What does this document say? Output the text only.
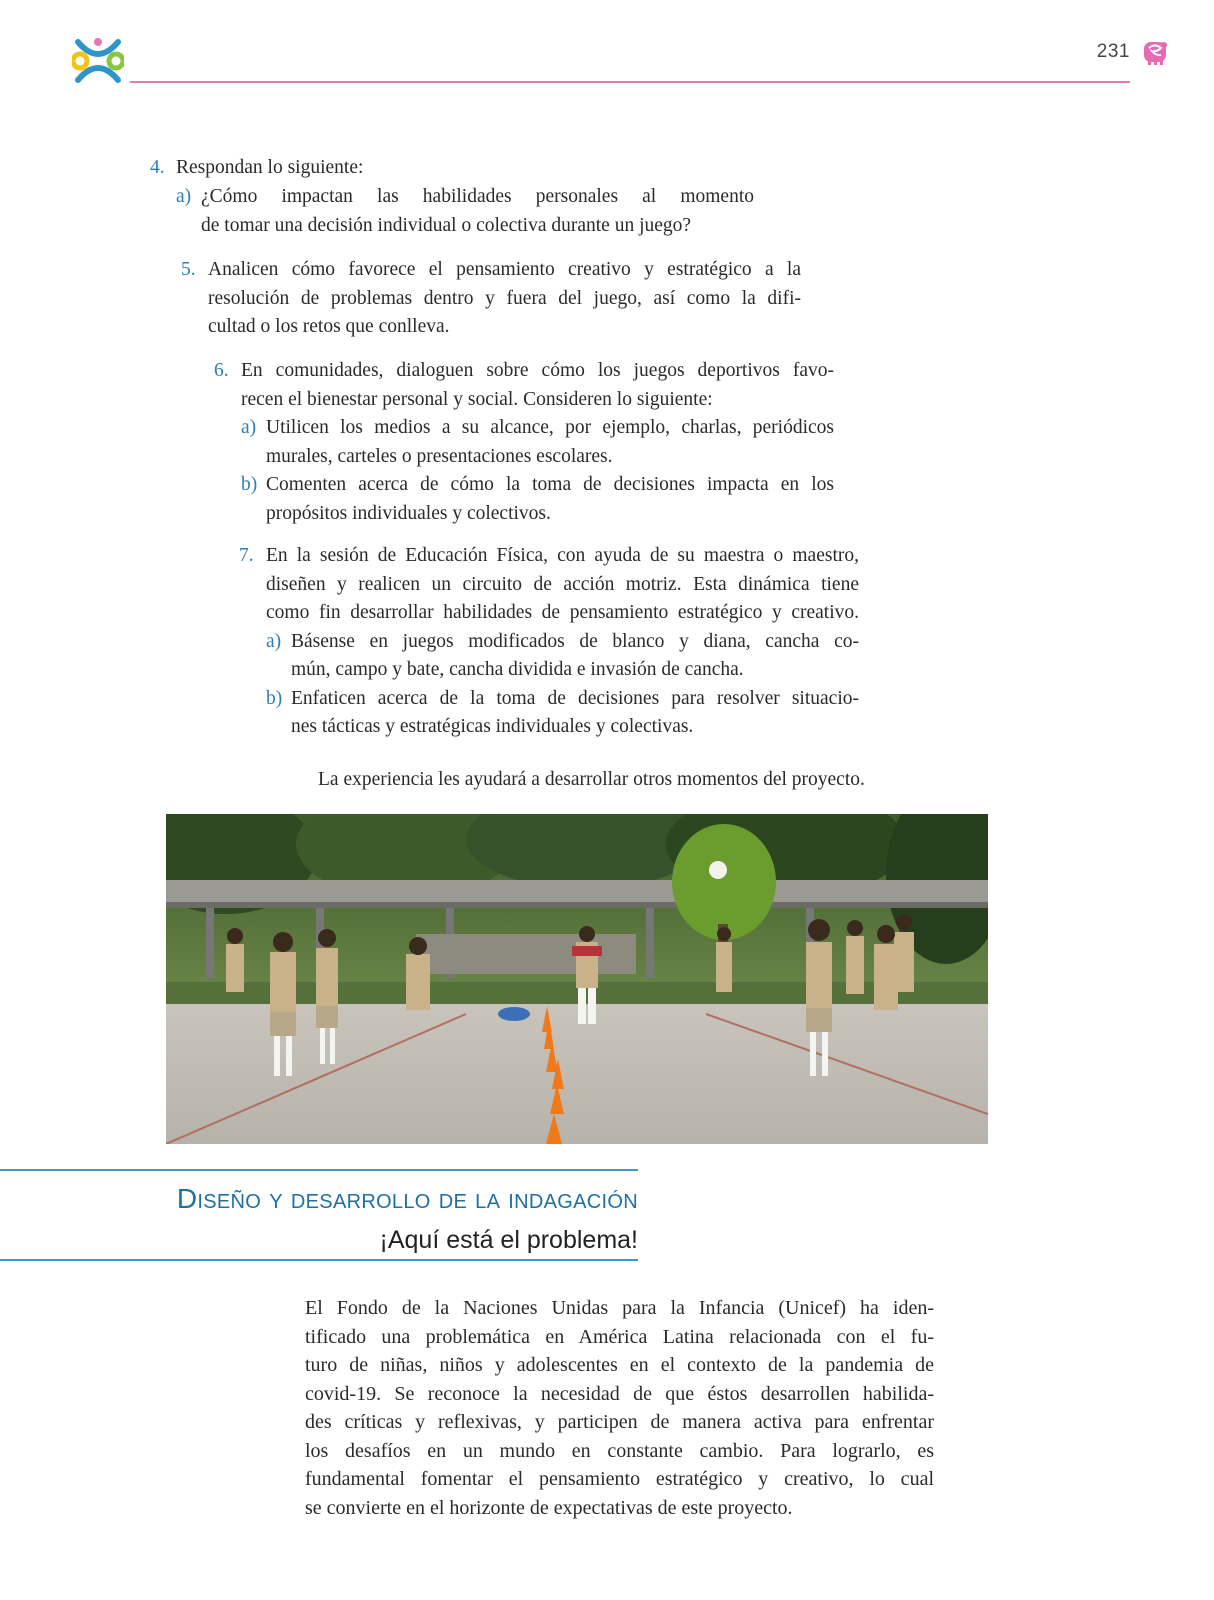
231
4. Respondan lo siguiente:
a) ¿Cómo impactan las habilidades personales al momento
de tomar una decisión individual o colectiva durante un juego?
5. Analicen cómo favorece el pensamiento creativo y estratégico a la
resolución de problemas dentro y fuera del juego, así como la difi-
cultad o los retos que conlleva.
6. En comunidades, dialoguen sobre cómo los juegos deportivos favo-
recen el bienestar personal y social. Consideren lo siguiente:
a) Utilicen los medios a su alcance, por ejemplo, charlas, periódicos
murales, carteles o presentaciones escolares.
b) Comenten acerca de cómo la toma de decisiones impacta en los
propósitos individuales y colectivos.
7. En la sesión de Educación Física, con ayuda de su maestra o maestro,
diseñen y realicen un circuito de acción motriz. Esta dinámica tiene
como fin desarrollar habilidades de pensamiento estratégico y creativo.
a) Básense en juegos modificados de blanco y diana, cancha co-
mún, campo y bate, cancha dividida e invasión de cancha.
b) Enfaticen acerca de la toma de decisiones para resolver situacio-
nes tácticas y estratégicas individuales y colectivas.
La experiencia les ayudará a desarrollar otros momentos del proyecto.
Diseño y desarrollo de la indagación
¡Aquí está el problema!
El Fondo de la Naciones Unidas para la Infancia (Unicef) ha iden-
tificado una problemática en América Latina relacionada con el fu-
turo de niñas, niños y adolescentes en el contexto de la pandemia de
covid-19. Se reconoce la necesidad de que éstos desarrollen habilida-
des críticas y reflexivas, y participen de manera activa para enfrentar
los desafíos en un mundo en constante cambio. Para lograrlo, es
fundamental fomentar el pensamiento estratégico y creativo, lo cual
se convierte en el horizonte de expectativas de este proyecto.
